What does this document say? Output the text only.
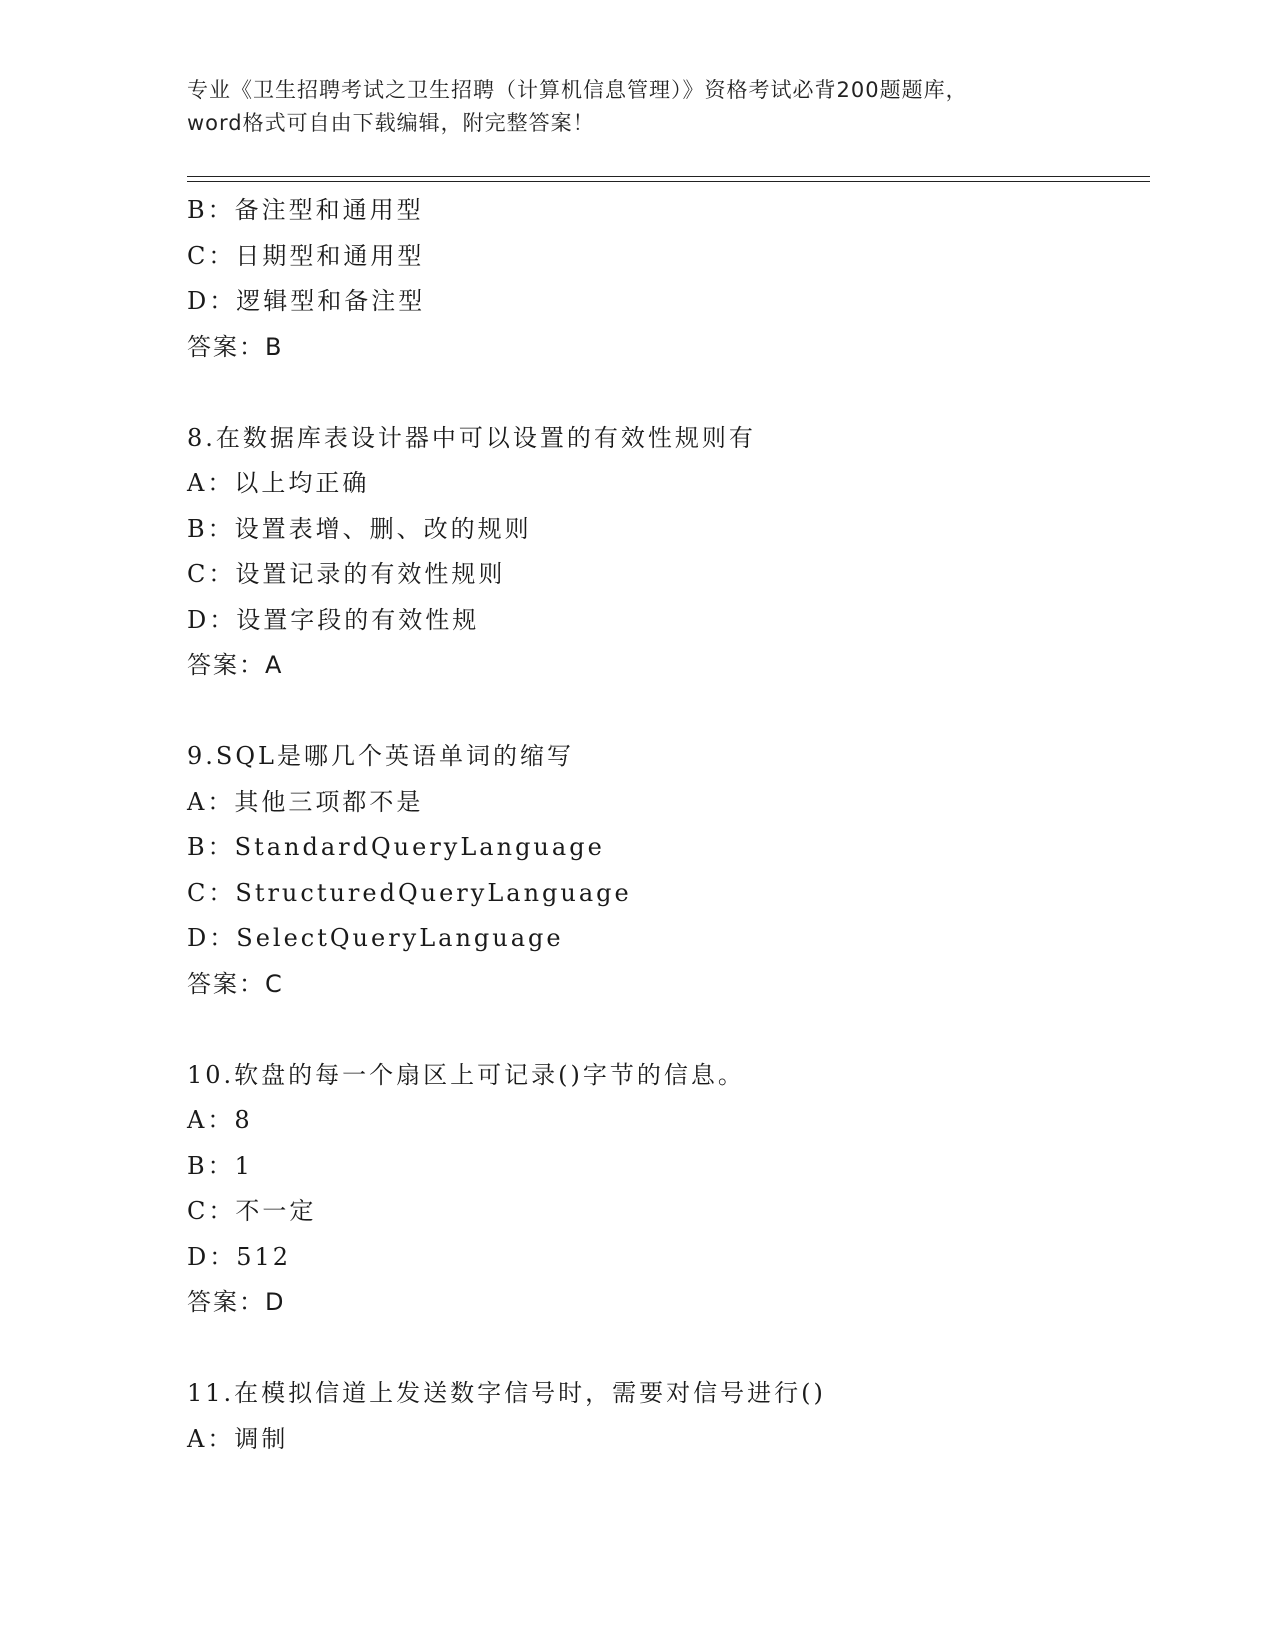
专业《卫生招聘考试之卫生招聘（计算机信息管理）》资格考试必背200题题库，
word格式可自由下载编辑，附完整答案！
B：备注型和通用型
C：日期型和通用型
D：逻辑型和备注型
答案：B
8.在数据库表设计器中可以设置的有效性规则有
A：以上均正确
B：设置表增、删、改的规则
C：设置记录的有效性规则
D：设置字段的有效性规
答案：A
9.SQL是哪几个英语单词的缩写
A：其他三项都不是
B：StandardQueryLanguage
C：StructuredQueryLanguage
D：SelectQueryLanguage
答案：C
10.软盘的每一个扇区上可记录()字节的信息。
A：8
B：1
C：不一定
D：512
答案：D
11.在模拟信道上发送数字信号时，需要对信号进行()
A：调制
